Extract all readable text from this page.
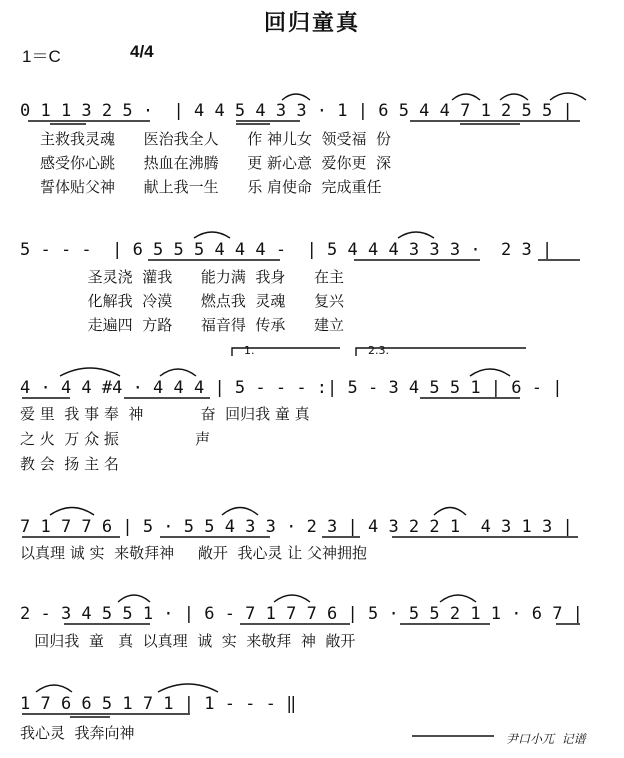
回归童真
1＝C	4/4
0 1 1 3 2 5 ·  | 4 4 5 4 3 3 · 1 | 6 5 4 4 7 1 2 5 5 |
主救我灵魂      医治我全人      作 神儿女  领受福  份
感受你心跳      热血在沸腾      更 新心意  爱你更  深
誓体贴父神      献上我一生      乐 肩使命  完成重任
5 - - -  | 6 5 5 5 4 4 4 -  | 5 4 4 4 3 3 3 ·  2 3 |
圣灵浇  灌我      能力满  我身      在主
化解我  冷漠      燃点我  灵魂      复兴
走遍四  方路      福音得  传承      建立
1.	2.3.
4 · 4 4 #4 · 4 4 4 | 5 - - - :| 5 - 3 4 5 5 1 | 6 - |
爱 里  我 事 奉  神            奋  回归我 童 真
之 火  万 众 振                声
教 会  扬 主 名
7 1 7 7 6 | 5 · 5 5 4 3 3 · 2 3 | 4 3 2 2 1  4 3 1 3 |
以真理 诚 实  来敬拜神     敞开  我心灵 让 父神拥抱
2 - 3 4 5 5 1 · | 6 - 7 1 7 7 6 | 5 · 5 5 2 1 1 · 6 7 |
回归我  童   真  以真理  诚  实  来敬拜  神  敞开
1 7 6 6 5 1 7 1 | 1 - - - ‖
我心灵  我奔向神	尹口小兀  记谱
